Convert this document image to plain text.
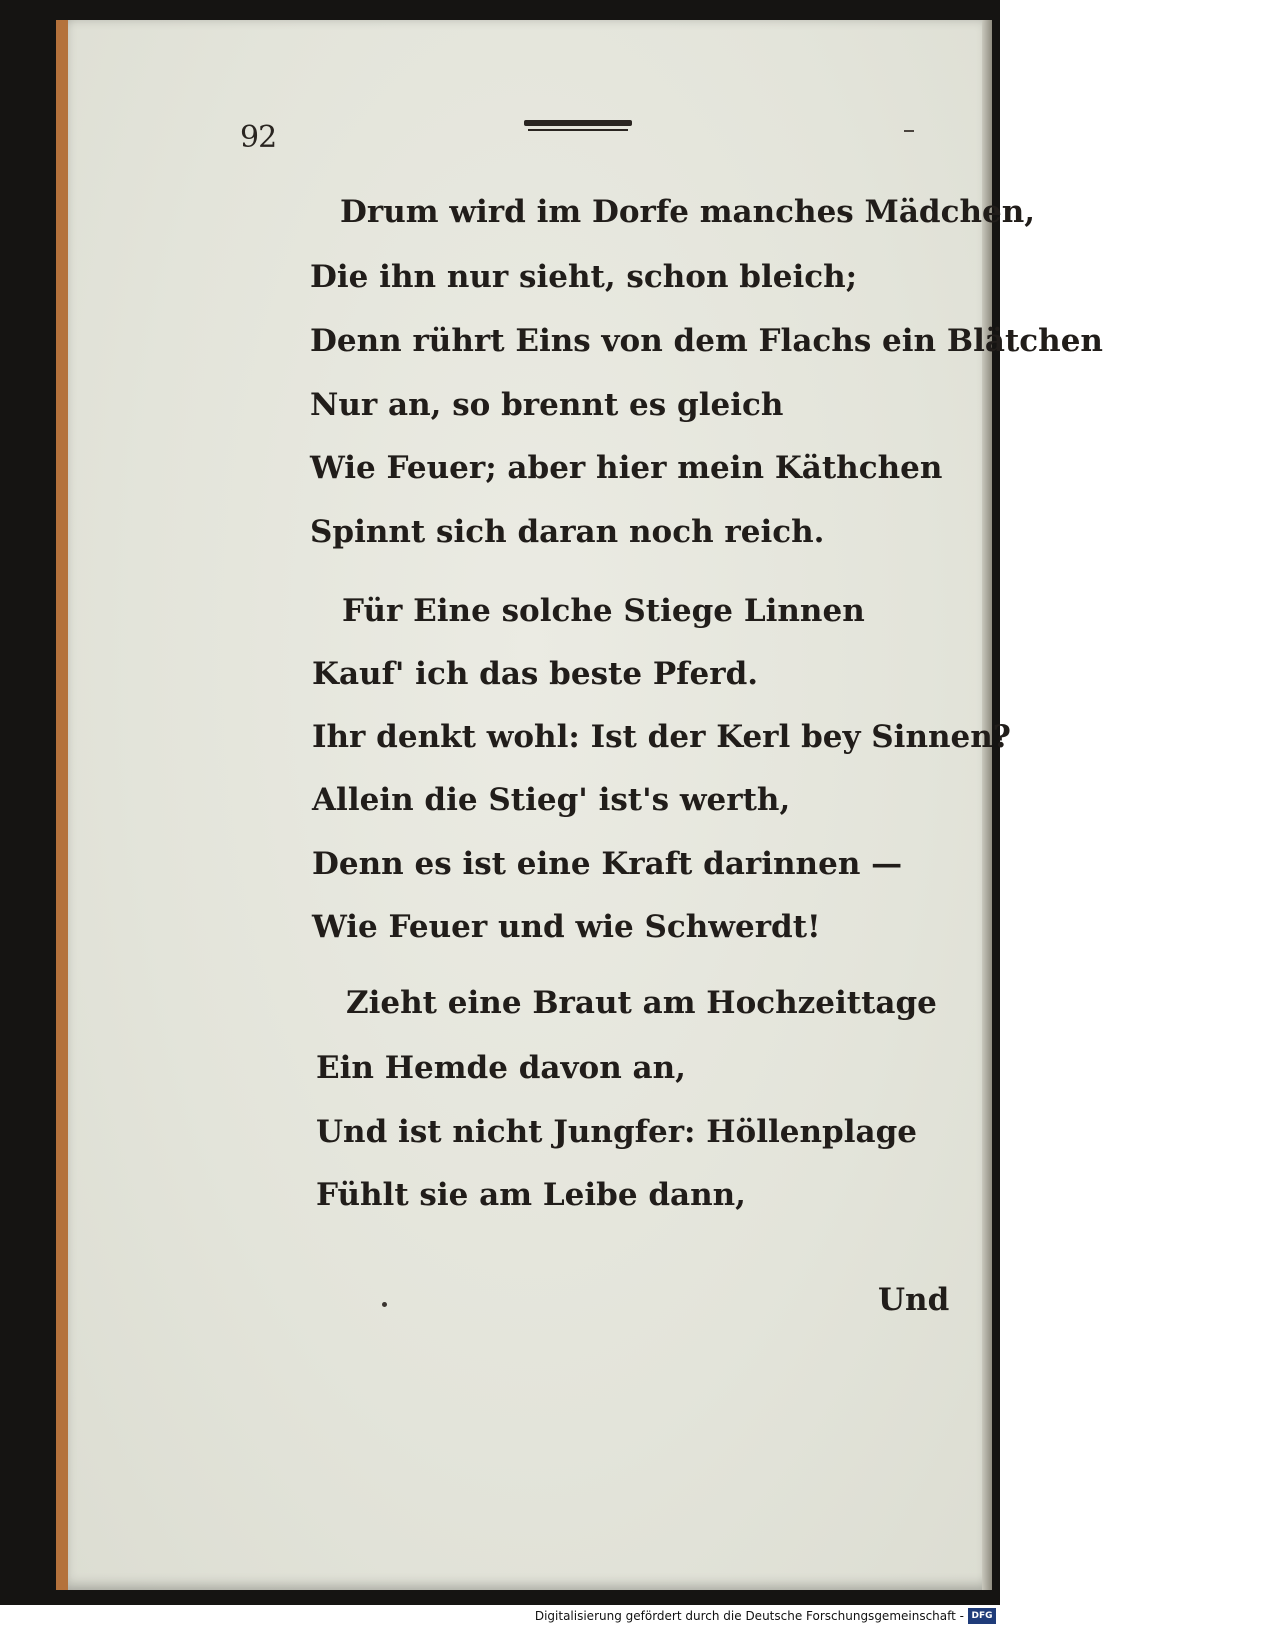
92
Drum wird im Dorfe manches Mädchen,
Die ihn nur sieht, schon bleich;
Denn rührt Eins von dem Flachs ein Blätchen
Nur an, so brennt es gleich
Wie Feuer; aber hier mein Käthchen
Spinnt sich daran noch reich.
Für Eine solche Stiege Linnen
Kauf' ich das beste Pferd.
Ihr denkt wohl: Ist der Kerl bey Sinnen?
Allein die Stieg' ist's werth,
Denn es ist eine Kraft darinnen —
Wie Feuer und wie Schwerdt!
Zieht eine Braut am Hochzeittage
Ein Hemde davon an,
Und ist nicht Jungfer: Höllenplage
Fühlt sie am Leibe dann,
Und
Digitalisierung gefördert durch die Deutsche Forschungsgemeinschaft - DFG
